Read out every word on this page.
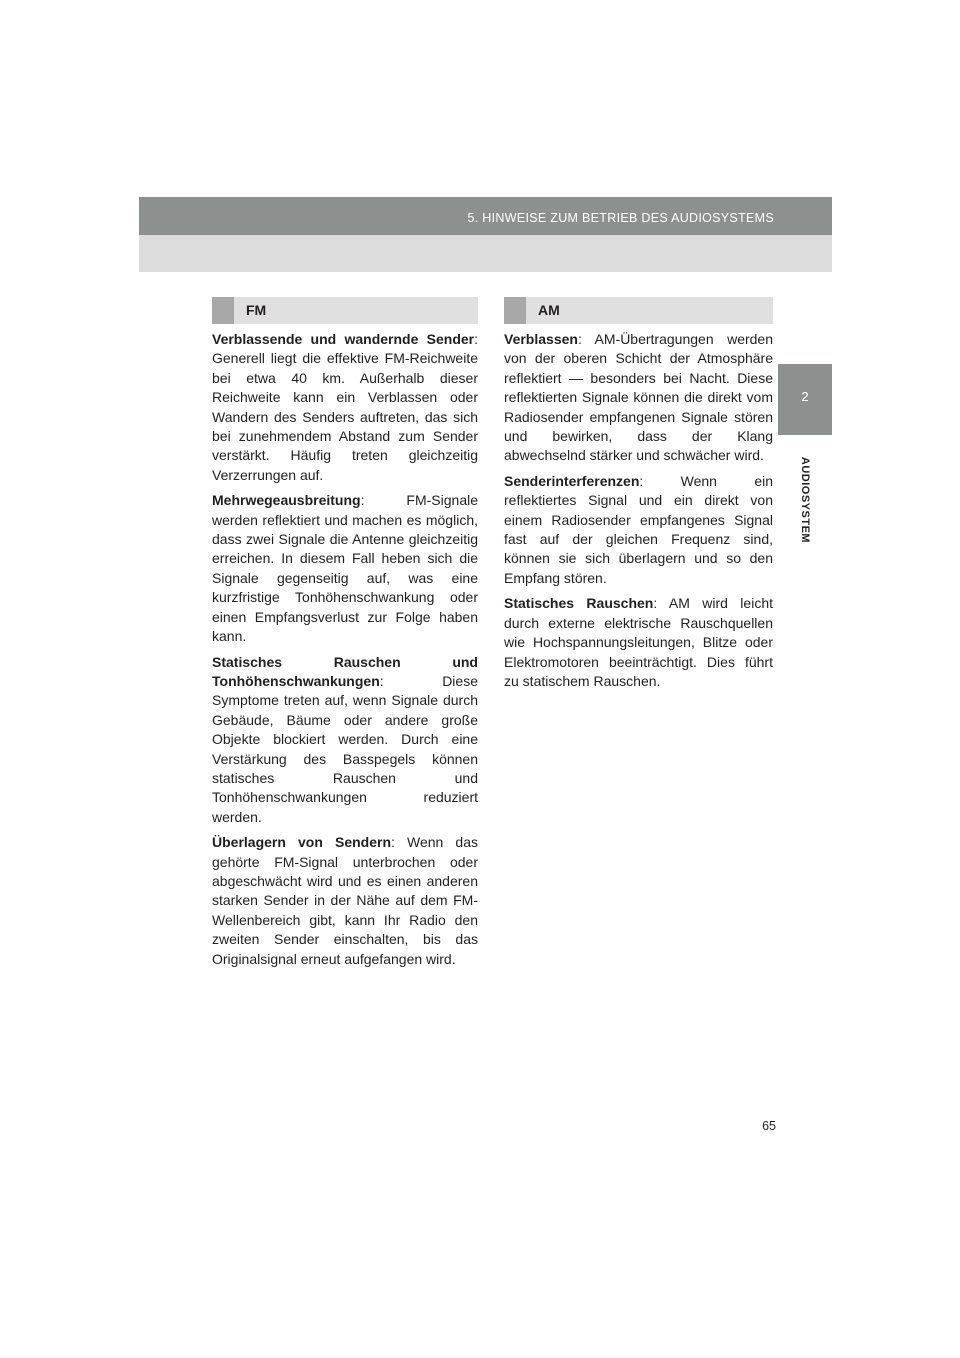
5. HINWEISE ZUM BETRIEB DES AUDIOSYSTEMS
2
AUDIOSYSTEM
FM	AM

Verblassende und wandernde Sender: Generell liegt die effektive FM-Reichweite bei etwa 40 km. Außerhalb dieser Reichweite kann ein Verblassen oder Wandern des Senders auftreten, das sich bei zunehmendem Abstand zum Sender verstärkt. Häufig treten gleichzeitig Verzerrungen auf.

Mehrwegeausbreitung: FM-Signale werden reflektiert und machen es möglich, dass zwei Signale die Antenne gleichzeitig erreichen. In diesem Fall heben sich die Signale gegenseitig auf, was eine kurzfristige Tonhöhenschwankung oder einen Empfangsverlust zur Folge haben kann.

Statisches Rauschen und Tonhöhenschwankungen: Diese Symptome treten auf, wenn Signale durch Gebäude, Bäume oder andere große Objekte blockiert werden. Durch eine Verstärkung des Basspegels können statisches Rauschen und Tonhöhenschwankungen reduziert werden.

Überlagern von Sendern: Wenn das gehörte FM-Signal unterbrochen oder abgeschwächt wird und es einen anderen starken Sender in der Nähe auf dem FM-Wellenbereich gibt, kann Ihr Radio den zweiten Sender einschalten, bis das Originalsignal erneut aufgefangen wird.

Verblassen: AM-Übertragungen werden von der oberen Schicht der Atmosphäre reflektiert — besonders bei Nacht. Diese reflektierten Signale können die direkt vom Radiosender empfangenen Signale stören und bewirken, dass der Klang abwechselnd stärker und schwächer wird.

Senderinterferenzen: Wenn ein reflektiertes Signal und ein direkt von einem Radiosender empfangenes Signal fast auf der gleichen Frequenz sind, können sie sich überlagern und so den Empfang stören.

Statisches Rauschen: AM wird leicht durch externe elektrische Rauschquellen wie Hochspannungsleitungen, Blitze oder Elektromotoren beeinträchtigt. Dies führt zu statischem Rauschen.

65
